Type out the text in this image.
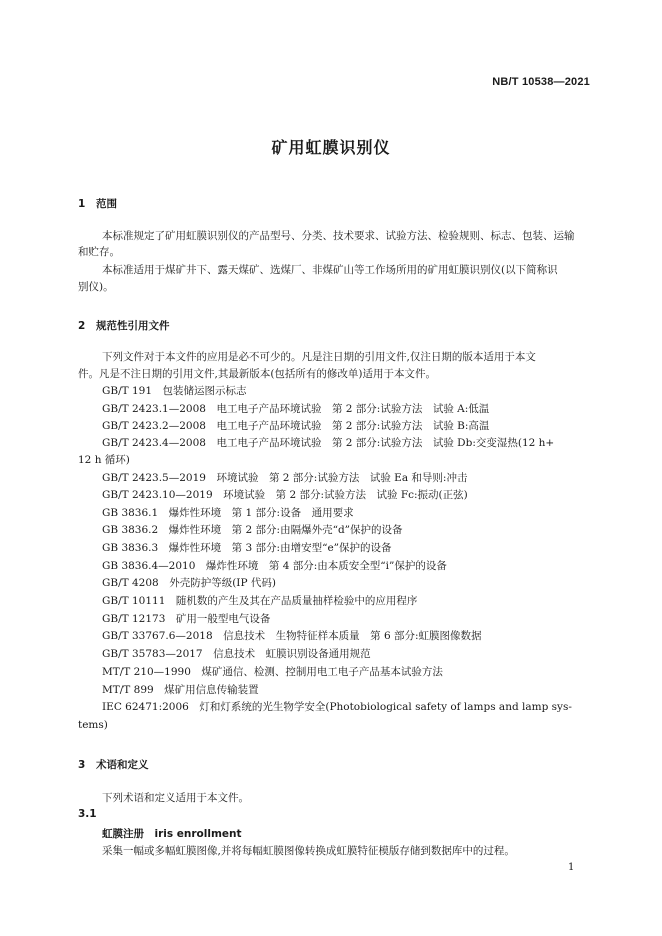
NB/T 10538—2021
矿用虹膜识别仪
1 范围
本标准规定了矿用虹膜识别仪的产品型号、分类、技术要求、试验方法、检验规则、标志、包装、运输
和贮存。
本标准适用于煤矿井下、露天煤矿、选煤厂、非煤矿山等工作场所用的矿用虹膜识别仪(以下简称识
别仪)。
2 规范性引用文件
下列文件对于本文件的应用是必不可少的。凡是注日期的引用文件,仅注日期的版本适用于本文
件。凡是不注日期的引用文件,其最新版本(包括所有的修改单)适用于本文件。
GB/T 191　包装储运图示标志
GB/T 2423.1—2008　电工电子产品环境试验　第 2 部分:试验方法　试验 A:低温
GB/T 2423.2—2008　电工电子产品环境试验　第 2 部分:试验方法　试验 B:高温
GB/T 2423.4—2008　电工电子产品环境试验　第 2 部分:试验方法　试验 Db:交变湿热(12 h+
12 h 循环)
GB/T 2423.5—2019　环境试验　第 2 部分:试验方法　试验 Ea 和导则:冲击
GB/T 2423.10—2019　环境试验　第 2 部分:试验方法　试验 Fc:振动(正弦)
GB 3836.1　爆炸性环境　第 1 部分:设备　通用要求
GB 3836.2　爆炸性环境　第 2 部分:由隔爆外壳“d”保护的设备
GB 3836.3　爆炸性环境　第 3 部分:由增安型“e”保护的设备
GB 3836.4—2010　爆炸性环境　第 4 部分:由本质安全型“i”保护的设备
GB/T 4208　外壳防护等级(IP 代码)
GB/T 10111　随机数的产生及其在产品质量抽样检验中的应用程序
GB/T 12173　矿用一般型电气设备
GB/T 33767.6—2018　信息技术　生物特征样本质量　第 6 部分:虹膜图像数据
GB/T 35783—2017　信息技术　虹膜识别设备通用规范
MT/T 210—1990　煤矿通信、检测、控制用电工电子产品基本试验方法
MT/T 899　煤矿用信息传输装置
IEC 62471:2006　灯和灯系统的光生物学安全(Photobiological safety of lamps and lamp sys-
tems)
3 术语和定义
下列术语和定义适用于本文件。
3.1
虹膜注册　iris enrollment
采集一幅或多幅虹膜图像,并将每幅虹膜图像转换成虹膜特征模版存储到数据库中的过程。
1
